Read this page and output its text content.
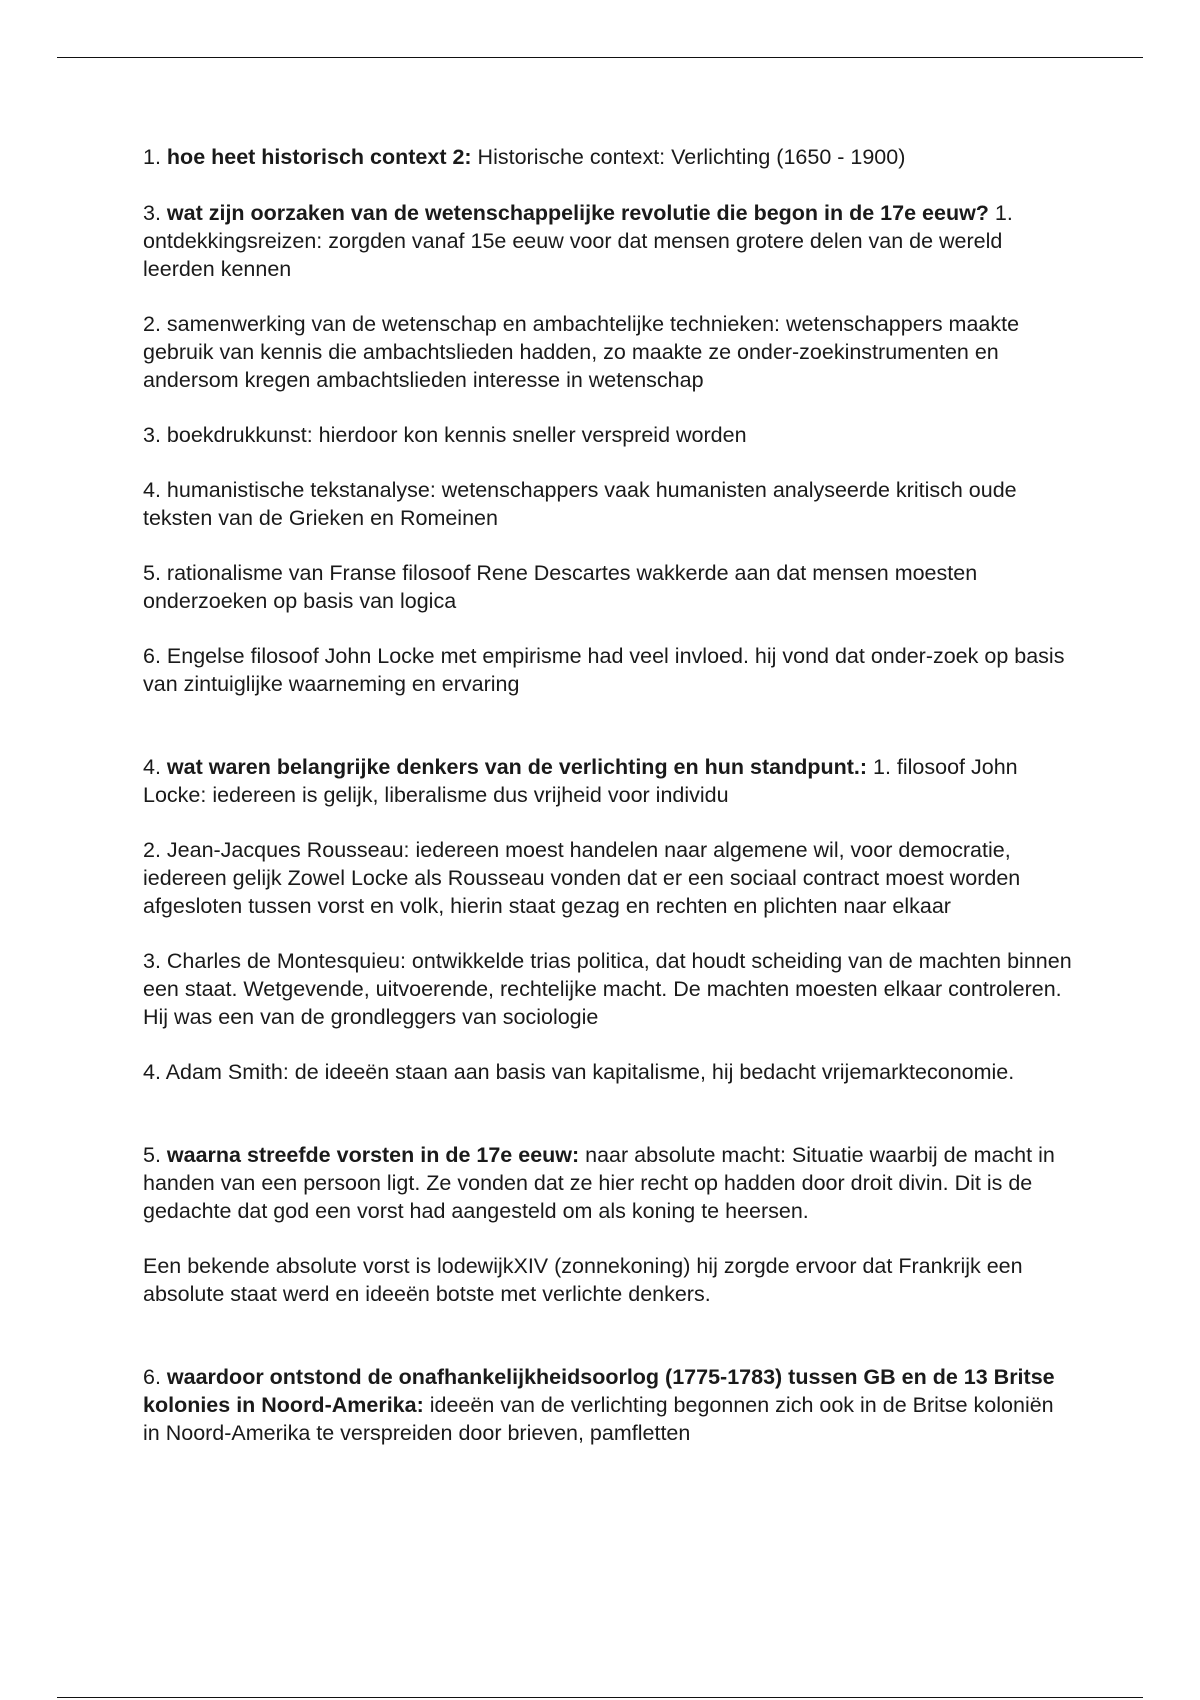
1. hoe heet historisch context 2: Historische context: Verlichting (1650 - 1900)

3. wat zijn oorzaken van de wetenschappelijke revolutie die begon in de 17e eeuw? 1. ontdekkingsreizen: zorgden vanaf 15e eeuw voor dat mensen grotere delen van de wereld leerden kennen

2. samenwerking van de wetenschap en ambachtelijke technieken: wetenschappers maakte gebruik van kennis die ambachtslieden hadden, zo maakte ze onder-zoekinstrumenten en andersom kregen ambachtslieden interesse in wetenschap

3. boekdrukkunst: hierdoor kon kennis sneller verspreid worden

4. humanistische tekstanalyse: wetenschappers vaak humanisten analyseerde kritisch oude teksten van de Grieken en Romeinen

5. rationalisme van Franse filosoof Rene Descartes wakkerde aan dat mensen moesten onderzoeken op basis van logica

6. Engelse filosoof John Locke met empirisme had veel invloed. hij vond dat onder-zoek op basis van zintuiglijke waarneming en ervaring

4. wat waren belangrijke denkers van de verlichting en hun standpunt.: 1. filosoof John Locke: iedereen is gelijk, liberalisme dus vrijheid voor individu

2. Jean-Jacques Rousseau: iedereen moest handelen naar algemene wil, voor democratie, iedereen gelijk Zowel Locke als Rousseau vonden dat er een sociaal contract moest worden afgesloten tussen vorst en volk, hierin staat gezag en rechten en plichten naar elkaar

3. Charles de Montesquieu: ontwikkelde trias politica, dat houdt scheiding van de machten binnen een staat. Wetgevende, uitvoerende, rechtelijke macht. De machten moesten elkaar controleren. Hij was een van de grondleggers van sociologie

4. Adam Smith: de ideeën staan aan basis van kapitalisme, hij bedacht vrijemarkteconomie.

5. waarna streefde vorsten in de 17e eeuw: naar absolute macht: Situatie waarbij de macht in handen van een persoon ligt. Ze vonden dat ze hier recht op hadden door droit divin. Dit is de gedachte dat god een vorst had aangesteld om als koning te heersen.

Een bekende absolute vorst is lodewijkXIV (zonnekoning) hij zorgde ervoor dat Frankrijk een absolute staat werd en ideeën botste met verlichte denkers.

6. waardoor ontstond de onafhankelijkheidsoorlog (1775-1783) tussen GB en de 13 Britse kolonies in Noord-Amerika: ideeën van de verlichting begonnen zich ook in de Britse koloniën in Noord-Amerika te verspreiden door brieven, pamfletten
